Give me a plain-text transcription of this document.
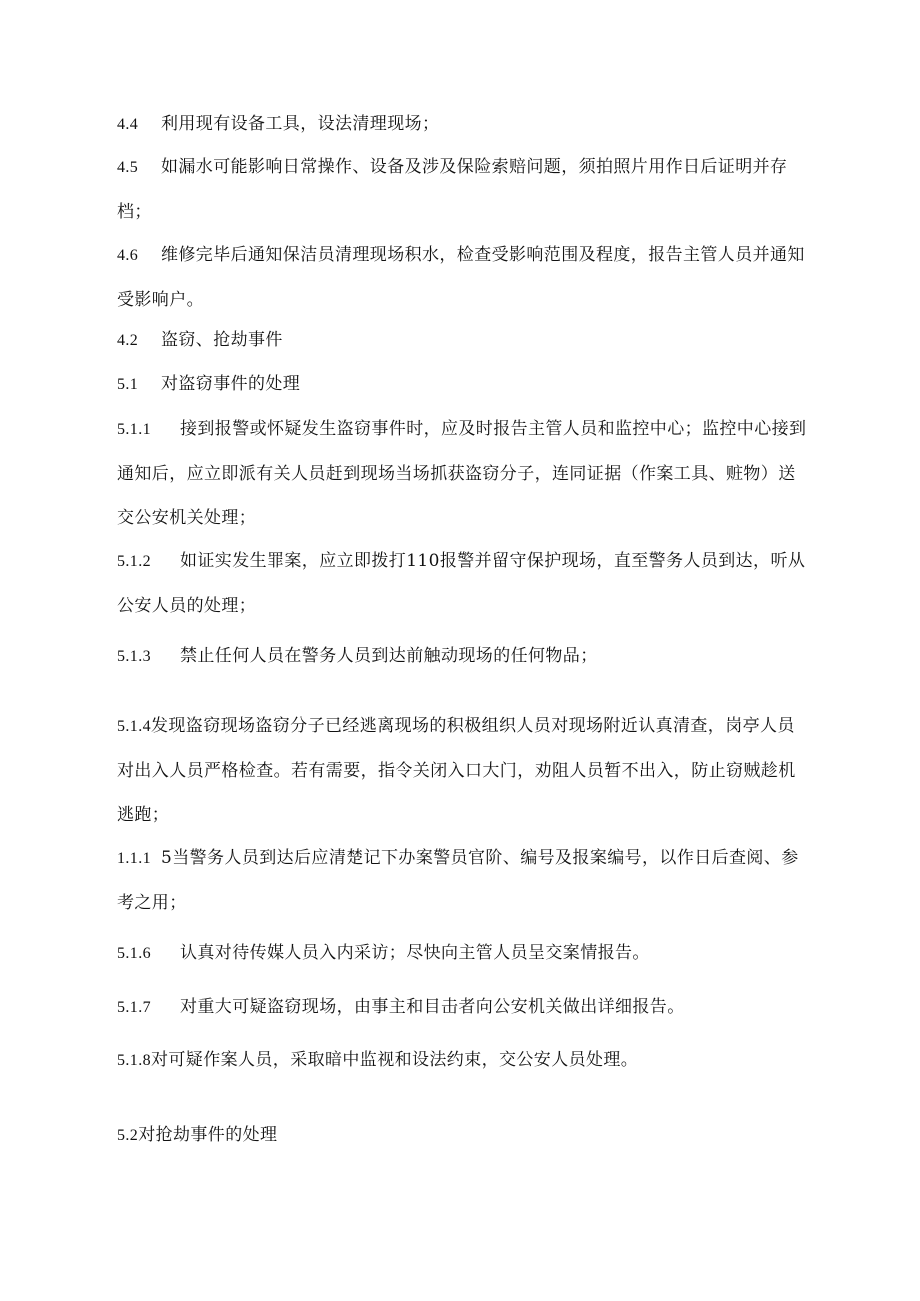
4.4 利用现有设备工具，设法清理现场；

4.5 如漏水可能影响日常操作、设备及涉及保险索赔问题，须拍照片用作日后证明并存档；

4.6 维修完毕后通知保洁员清理现场积水，检查受影响范围及程度，报告主管人员并通知受影响户。

4.2 盗窃、抢劫事件

5.1 对盗窃事件的处理

5.1.1 接到报警或怀疑发生盗窃事件时，应及时报告主管人员和监控中心；监控中心接到通知后，应立即派有关人员赶到现场当场抓获盗窃分子，连同证据（作案工具、赃物）送交公安机关处理；

5.1.2 如证实发生罪案，应立即拨打110报警并留守保护现场，直至警务人员到达，听从公安人员的处理；

5.1.3 禁止任何人员在警务人员到达前触动现场的任何物品；

5.1.4发现盗窃现场盗窃分子已经逃离现场的积极组织人员对现场附近认真清查，岗亭人员对出入人员严格检查。若有需要，指令关闭入口大门，劝阻人员暂不出入，防止窃贼趁机逃跑；

1.1.1 5当警务人员到达后应清楚记下办案警员官阶、编号及报案编号，以作日后查阅、参考之用；

5.1.6 认真对待传媒人员入内采访；尽快向主管人员呈交案情报告。

5.1.7 对重大可疑盗窃现场，由事主和目击者向公安机关做出详细报告。

5.1.8对可疑作案人员，采取暗中监视和设法约束，交公安人员处理。

5.2对抢劫事件的处理
